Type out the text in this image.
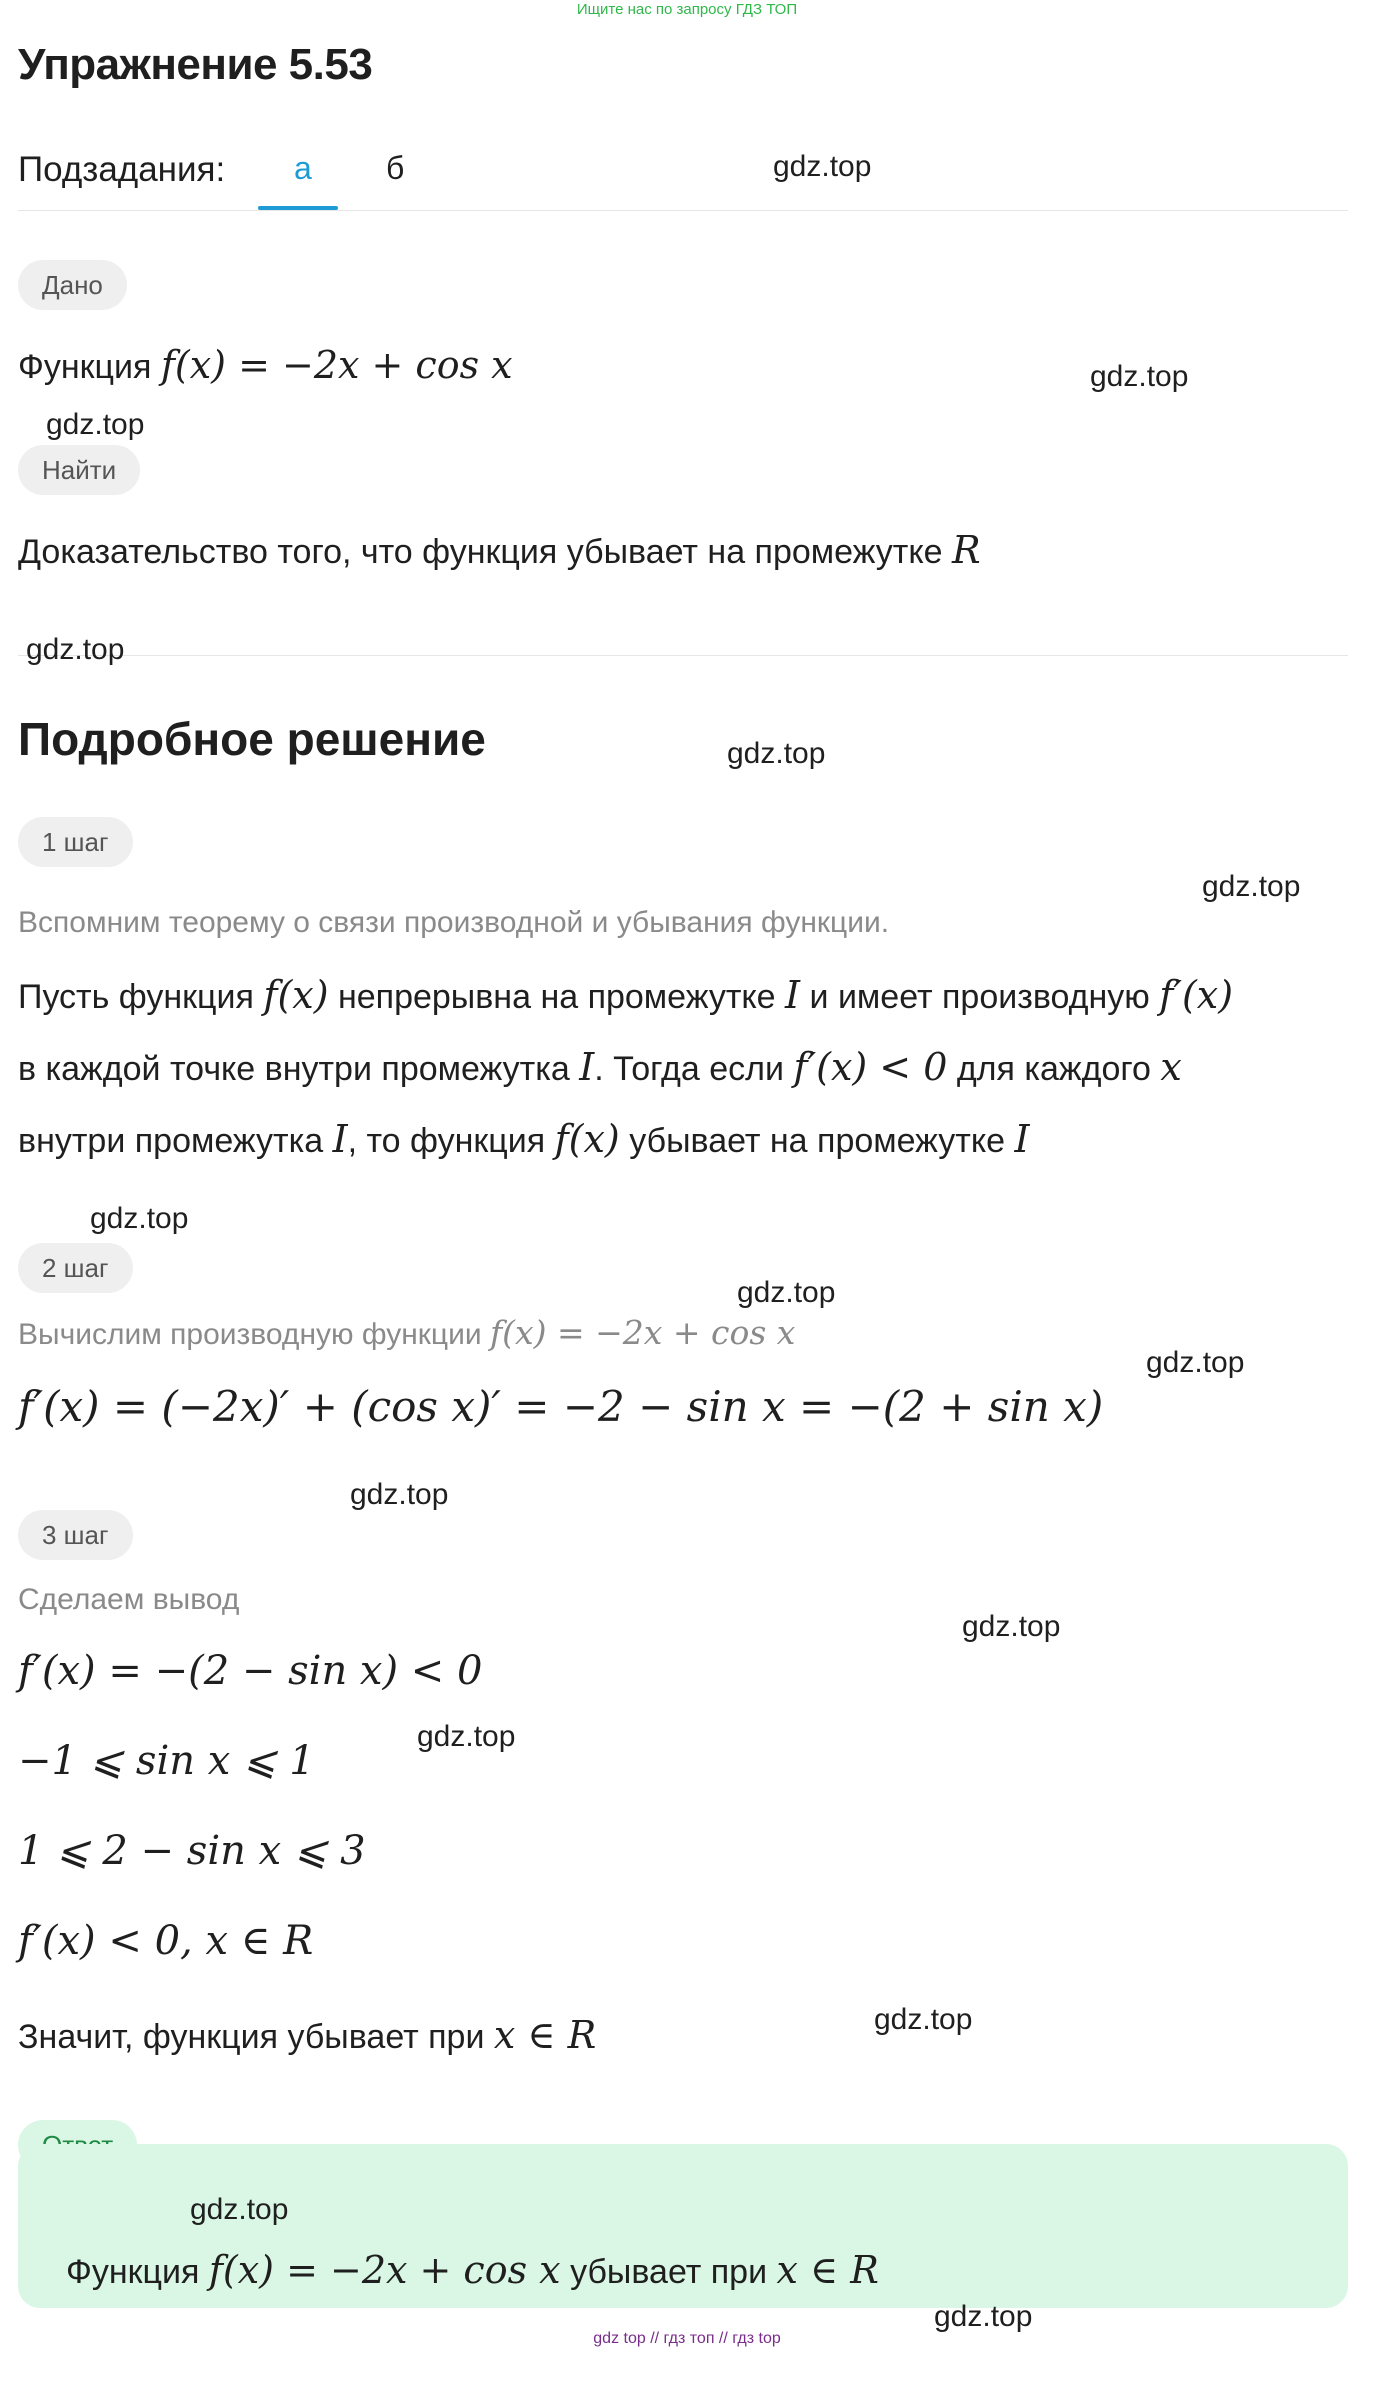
Ищите нас по запросу ГДЗ ТОП
Упражнение 5.53
Подзадания: а б
Дано
Функция f(x) = −2x + cos x
Найти
Доказательство того, что функция убывает на промежутке R
Подробное решение
1 шаг
Вспомним теорему о связи производной и убывания функции.
Пусть функция f(x) непрерывна на промежутке I и имеет производную f′(x)
в каждой точке внутри промежутка I. Тогда если f′(x) < 0 для каждого x
внутри промежутка I, то функция f(x) убывает на промежутке I
2 шаг
Вычислим производную функции f(x) = −2x + cos x
f′(x) = (−2x)′ + (cos x)′ = −2 − sin x = −(2 + sin x)
3 шаг
Сделаем вывод
f′(x) = −(2 − sin x) < 0
−1 ⩽ sin x ⩽ 1
1 ⩽ 2 − sin x ⩽ 3
f′(x) < 0, x ∈ R
Значит, функция убывает при x ∈ R
Функция f(x) = −2x + cos x убывает при x ∈ R
gdz.top
gdz.top
gdz.top
gdz.top
gdz.top
gdz.top
gdz.top
gdz.top
gdz.top
gdz.top
gdz.top
gdz.top
gdz.top
gdz.top
gdz.top
gdz top // гдз топ // гдз top
